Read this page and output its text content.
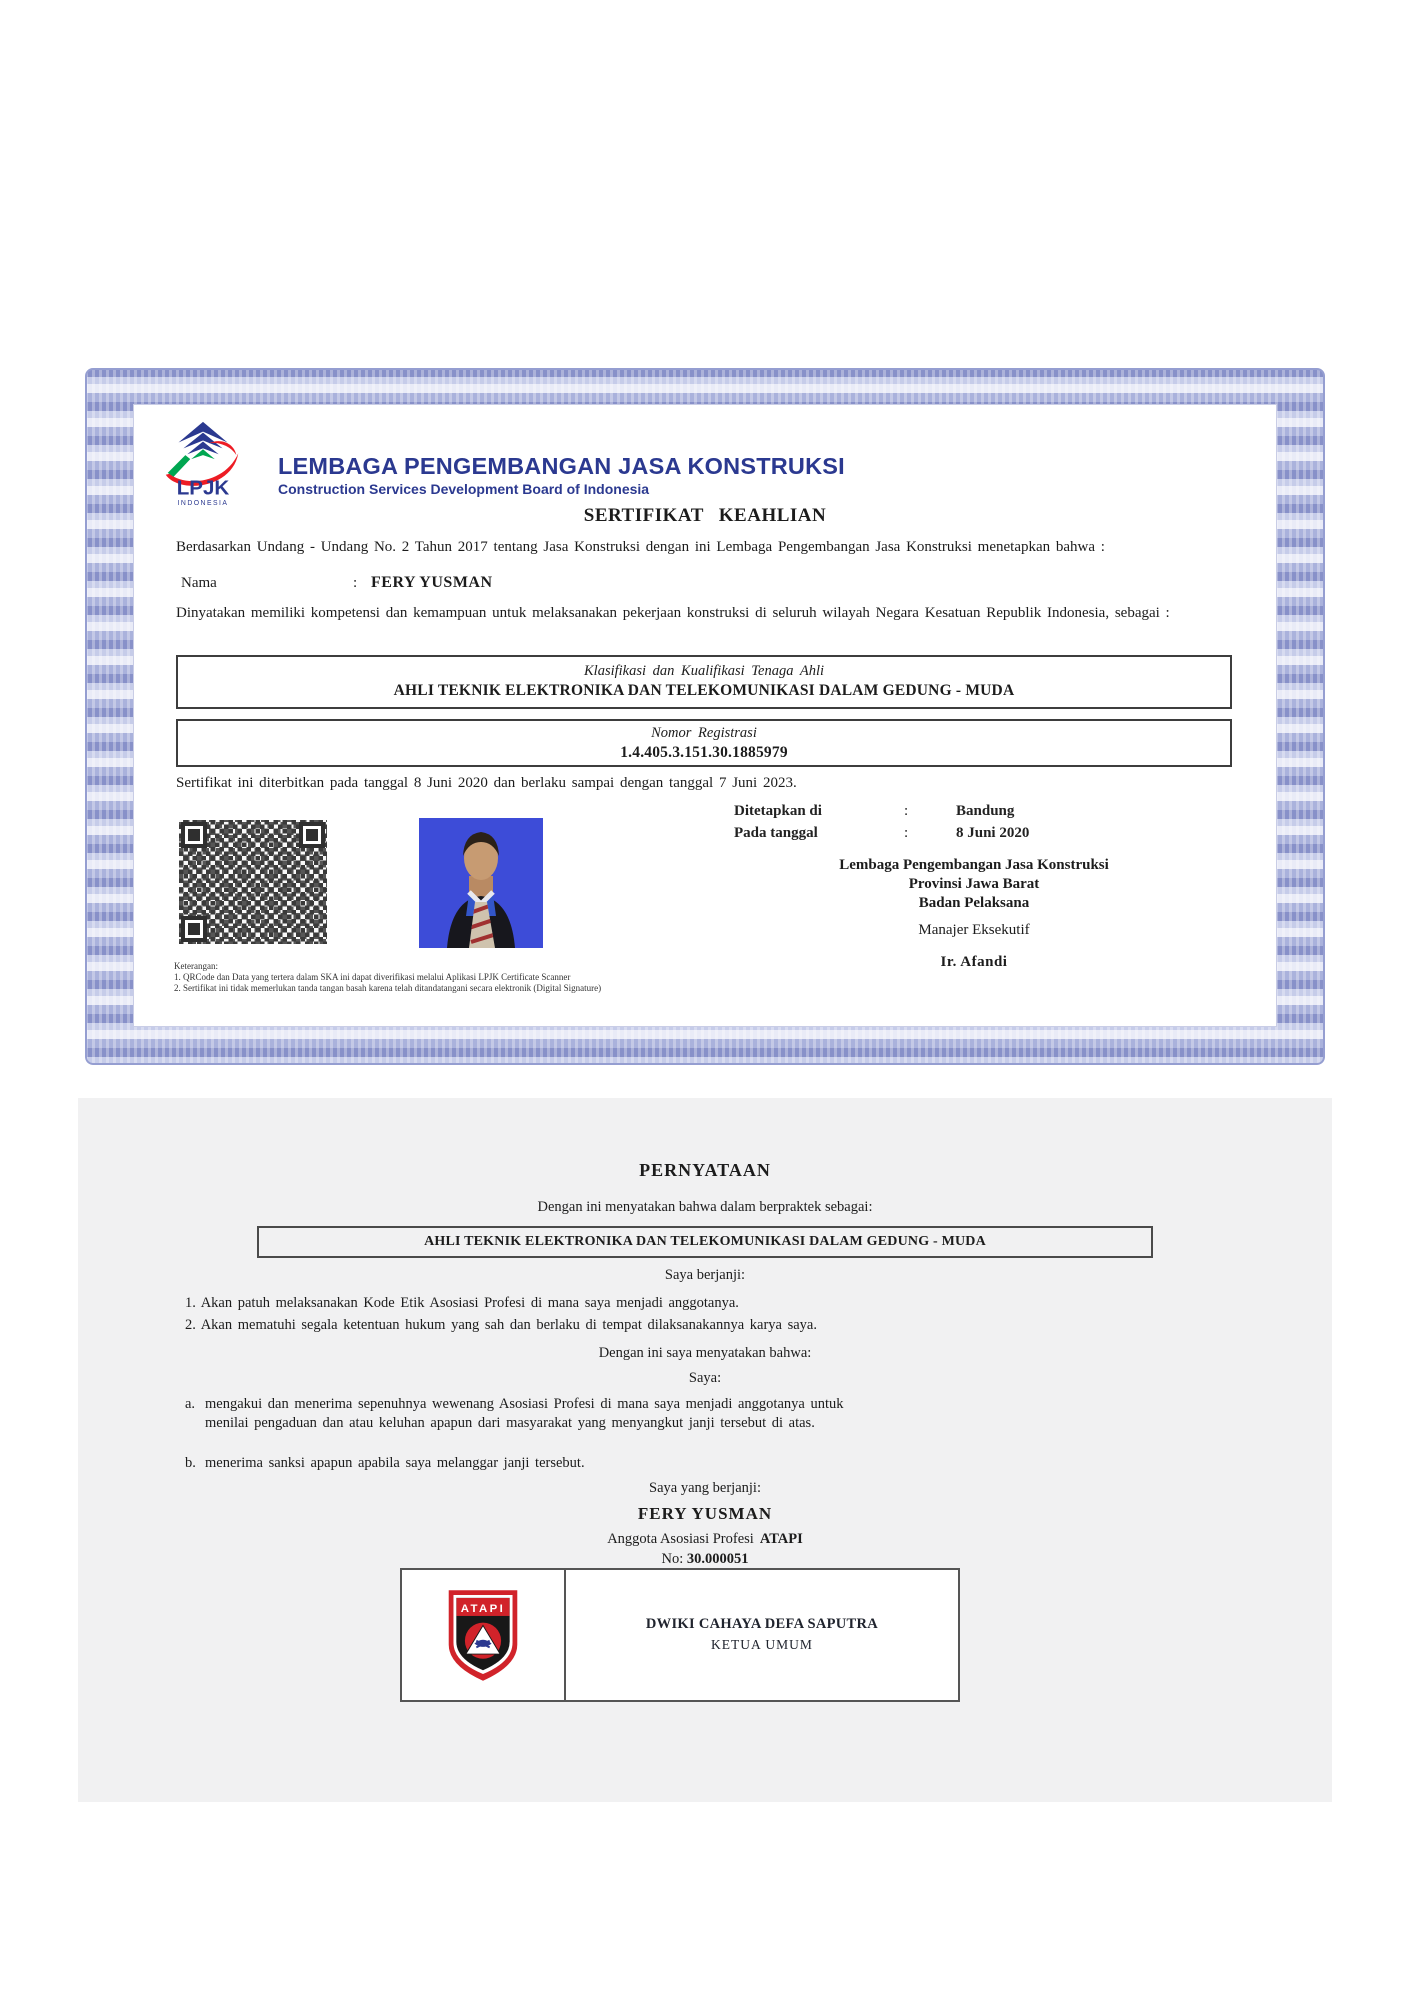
LPJK
INDONESIA
LEMBAGA PENGEMBANGAN JASA KONSTRUKSI
Construction Services Development Board of Indonesia
SERTIFIKAT KEAHLIAN

Berdasarkan Undang - Undang No. 2 Tahun 2017 tentang Jasa Konstruksi dengan ini Lembaga Pengembangan Jasa Konstruksi menetapkan bahwa :

Nama	: FERY YUSMAN

Dinyatakan memiliki kompetensi dan kemampuan untuk melaksanakan pekerjaan konstruksi di seluruh wilayah Negara Kesatuan Republik Indonesia, sebagai :

Klasifikasi dan Kualifikasi Tenaga Ahli
AHLI TEKNIK ELEKTRONIKA DAN TELEKOMUNIKASI DALAM GEDUNG - MUDA
Nomor Registrasi
1.4.405.3.151.30.1885979

Sertifikat ini diterbitkan pada tanggal 8 Juni 2020 dan berlaku sampai dengan tanggal 7 Juni 2023.

Ditetapkan di	:	Bandung
Pada tanggal	:	8 Juni 2020
Lembaga Pengembangan Jasa Konstruksi
Provinsi Jawa Barat
Badan Pelaksana
Manajer Eksekutif
Ir. Afandi
Keterangan:
1. QRCode dan Data yang tertera dalam SKA ini dapat diverifikasi melalui Aplikasi LPJK Certificate Scanner
2. Sertifikat ini tidak memerlukan tanda tangan basah karena telah ditandatangani secara elektronik (Digital Signature)
PERNYATAAN
Dengan ini menyatakan bahwa dalam berpraktek sebagai:
AHLI TEKNIK ELEKTRONIKA DAN TELEKOMUNIKASI DALAM GEDUNG - MUDA
Saya berjanji:
1. Akan patuh melaksanakan Kode Etik Asosiasi Profesi di mana saya menjadi anggotanya.
2. Akan mematuhi segala ketentuan hukum yang sah dan berlaku di tempat dilaksanakannya karya saya.
Dengan ini saya menyatakan bahwa:
Saya:
a. mengakui dan menerima sepenuhnya wewenang Asosiasi Profesi di mana saya menjadi anggotanya untuk menilai pengaduan dan atau keluhan apapun dari masyarakat yang menyangkut janji tersebut di atas.
b. menerima sanksi apapun apabila saya melanggar janji tersebut.
Saya yang berjanji:
FERY YUSMAN
Anggota Asosiasi Profesi ATAPI
No: 30.000051
ATAPI
DWIKI CAHAYA DEFA SAPUTRA
KETUA UMUM
